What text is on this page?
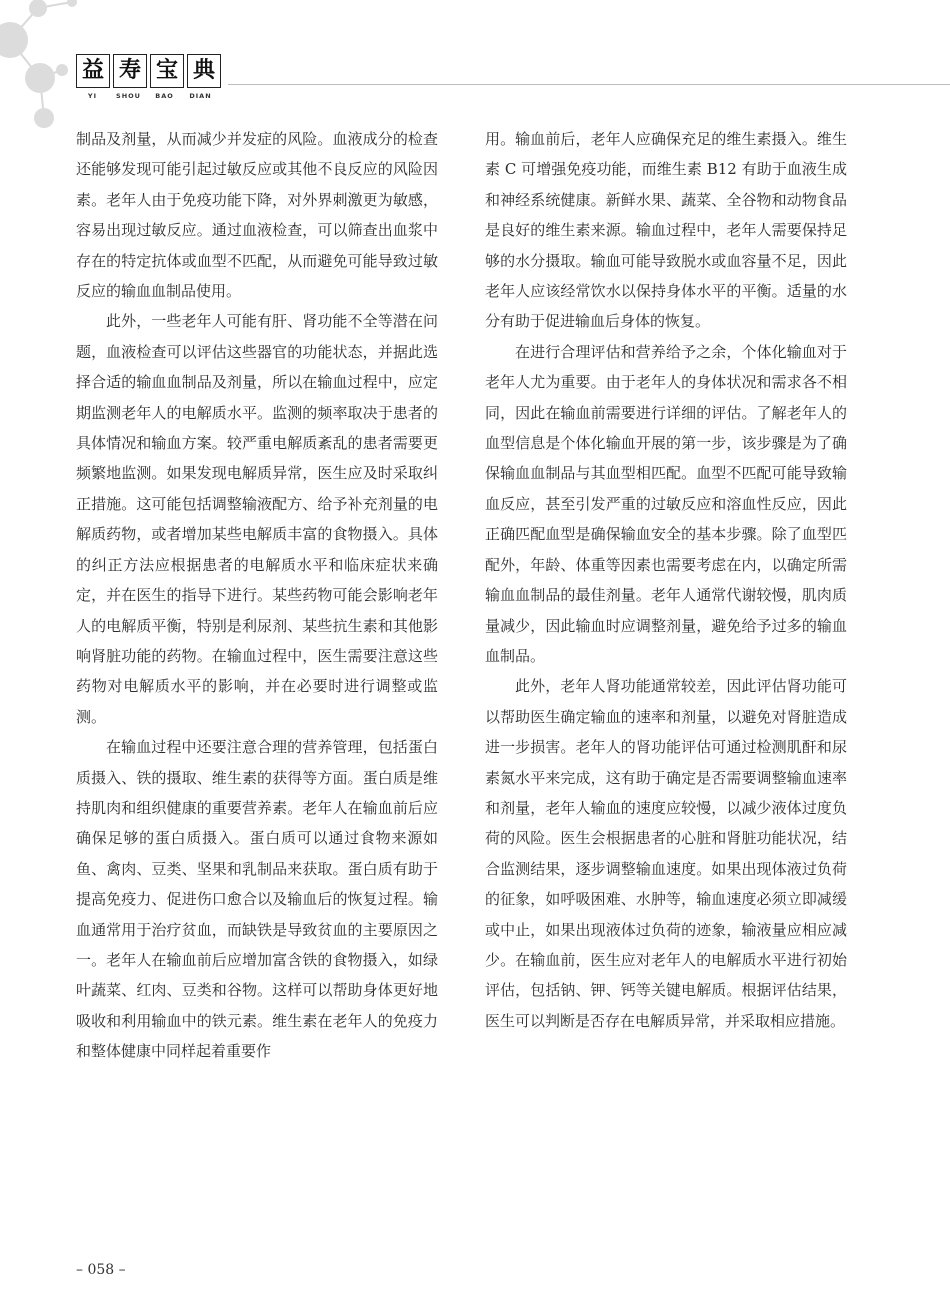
益 寿 宝 典
YI	SHOU	BAO	DIAN

制品及剂量，从而减少并发症的风险。血液成分的检查还能够发现可能引起过敏反应或其他不良反应的风险因素。老年人由于免疫功能下降，对外界刺激更为敏感，容易出现过敏反应。通过血液检查，可以筛查出血浆中存在的特定抗体或血型不匹配，从而避免可能导致过敏反应的输血血制品使用。

此外，一些老年人可能有肝、肾功能不全等潜在问题，血液检查可以评估这些器官的功能状态，并据此选择合适的输血血制品及剂量，所以在输血过程中，应定期监测老年人的电解质水平。监测的频率取决于患者的具体情况和输血方案。较严重电解质紊乱的患者需要更频繁地监测。如果发现电解质异常，医生应及时采取纠正措施。这可能包括调整输液配方、给予补充剂量的电解质药物，或者增加某些电解质丰富的食物摄入。具体的纠正方法应根据患者的电解质水平和临床症状来确定，并在医生的指导下进行。某些药物可能会影响老年人的电解质平衡，特别是利尿剂、某些抗生素和其他影响肾脏功能的药物。在输血过程中，医生需要注意这些药物对电解质水平的影响，并在必要时进行调整或监测。

在输血过程中还要注意合理的营养管理，包括蛋白质摄入、铁的摄取、维生素的获得等方面。蛋白质是维持肌肉和组织健康的重要营养素。老年人在输血前后应确保足够的蛋白质摄入。蛋白质可以通过食物来源如鱼、禽肉、豆类、坚果和乳制品来获取。蛋白质有助于提高免疫力、促进伤口愈合以及输血后的恢复过程。输血通常用于治疗贫血，而缺铁是导致贫血的主要原因之一。老年人在输血前后应增加富含铁的食物摄入，如绿叶蔬菜、红肉、豆类和谷物。这样可以帮助身体更好地吸收和利用输血中的铁元素。维生素在老年人的免疫力和整体健康中同样起着重要作

用。输血前后，老年人应确保充足的维生素摄入。维生素 C 可增强免疫功能，而维生素 B12 有助于血液生成和神经系统健康。新鲜水果、蔬菜、全谷物和动物食品是良好的维生素来源。输血过程中，老年人需要保持足够的水分摄取。输血可能导致脱水或血容量不足，因此老年人应该经常饮水以保持身体水平的平衡。适量的水分有助于促进输血后身体的恢复。

在进行合理评估和营养给予之余，个体化输血对于老年人尤为重要。由于老年人的身体状况和需求各不相同，因此在输血前需要进行详细的评估。了解老年人的血型信息是个体化输血开展的第一步，该步骤是为了确保输血血制品与其血型相匹配。血型不匹配可能导致输血反应，甚至引发严重的过敏反应和溶血性反应，因此正确匹配血型是确保输血安全的基本步骤。除了血型匹配外，年龄、体重等因素也需要考虑在内，以确定所需输血血制品的最佳剂量。老年人通常代谢较慢，肌肉质量减少，因此输血时应调整剂量，避免给予过多的输血血制品。

此外，老年人肾功能通常较差，因此评估肾功能可以帮助医生确定输血的速率和剂量，以避免对肾脏造成进一步损害。老年人的肾功能评估可通过检测肌酐和尿素氮水平来完成，这有助于确定是否需要调整输血速率和剂量，老年人输血的速度应较慢，以减少液体过度负荷的风险。医生会根据患者的心脏和肾脏功能状况，结合监测结果，逐步调整输血速度。如果出现体液过负荷的征象，如呼吸困难、水肿等，输血速度必须立即减缓或中止，如果出现液体过负荷的迹象，输液量应相应减少。在输血前，医生应对老年人的电解质水平进行初始评估，包括钠、钾、钙等关键电解质。根据评估结果，医生可以判断是否存在电解质异常，并采取相应措施。

– 058 –
